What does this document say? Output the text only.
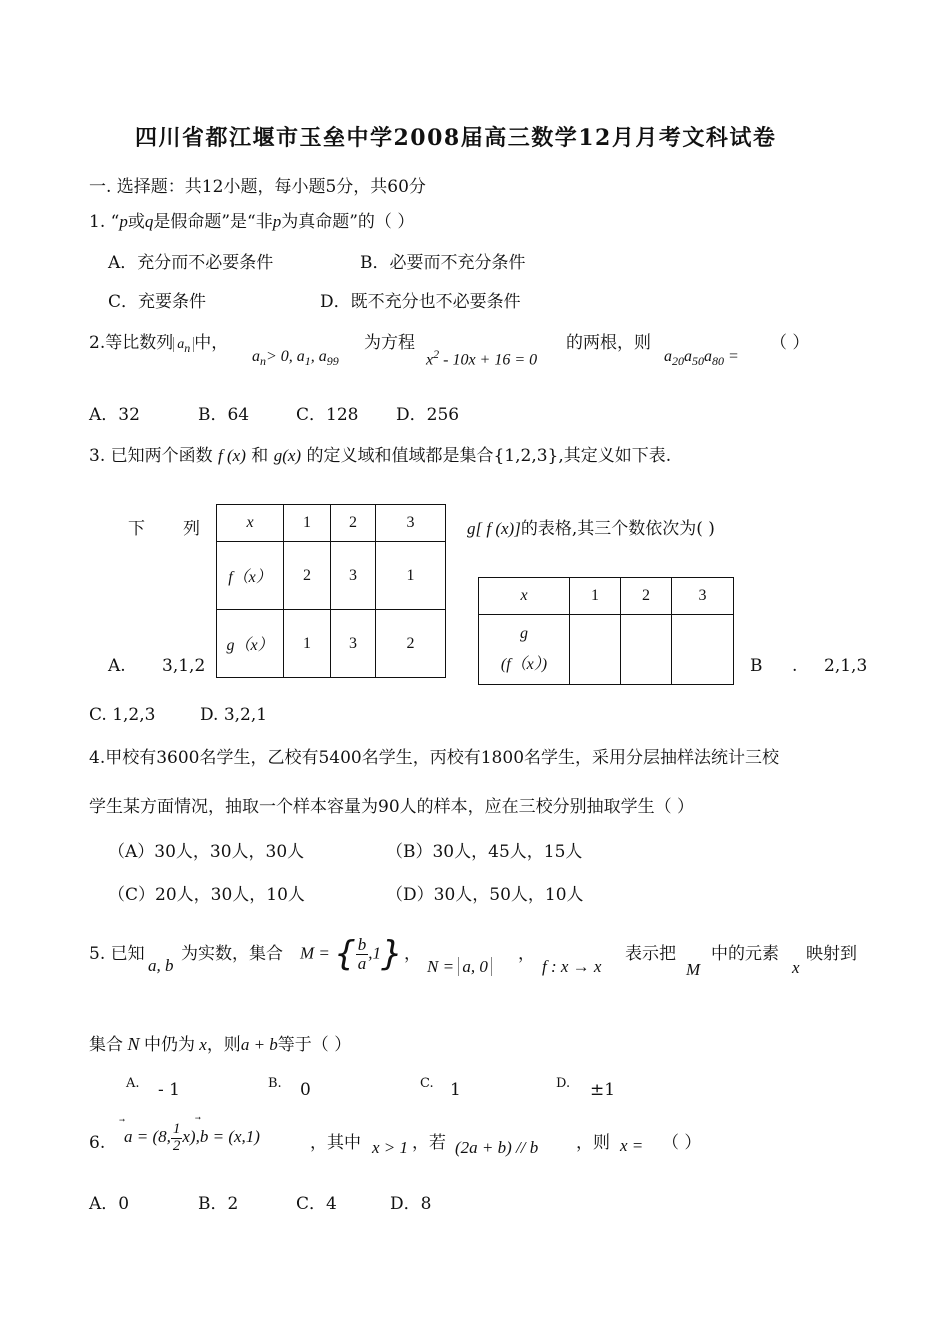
四川省都江堰市玉垒中学2008届高三数学12月月考文科试卷
一. 选择题：共12小题，每小题5分，共60分
1. “p或q是假命题”是“非p为真命题”的（ ）
A．充分而不必要条件	B．必要而不充分条件
C．充要条件	D．既不充分也不必要条件
2.等比数列 $a_n$ 中，
$a_n> 0$, $a_1$, $a_{99}$
为方程
$x^2 - 10x + 16 = 0$
的两根，则
$a_{20}a_{50}a_{80}$ =
（ ）
A．32	B．64	C．128 D．256
3. 已知两个函数 f (x) 和 g(x) 的定义域和值域都是集合{1,2,3},其定义如下表.
下 列	x	1	2	3
f（x）	2	3	1
g（x）	1	3	2
g[ f (x)]的表格,其三个数依次为( )
x	1	2	3

g
(f（x）)			

A. 3,1,2	B . 2,1,3
C. 1,2,3	D. 3,2,1
4.甲校有3600名学生，乙校有5400名学生，丙校有1800名学生，采用分层抽样法统计三校
学生某方面情况，抽取一个样本容量为90人的样本，应在三校分别抽取学生（ ）
（A）30人，30人，30人	（B）30人，45人，15人
（C）20人，30人，10人	（D）30人，50人，10人
5. 已知
a, b
为实数，集合 M = { $\frac{b}{a} ,1$} ，
N = a, 0
，
f : x → x
表示把
M
中的元素
x
映射到
集合 N 中仍为 x，则a + b等于（ ）
A. - 1	B. 0	C. 1	D. ±1
6. a = (8, $\frac{1}{2} x$),
b = (x,1)	，其中 x > 1 ，若 (2a + b) // b ，则 x = （ ）
A．0	B．2	C．4	D．8
